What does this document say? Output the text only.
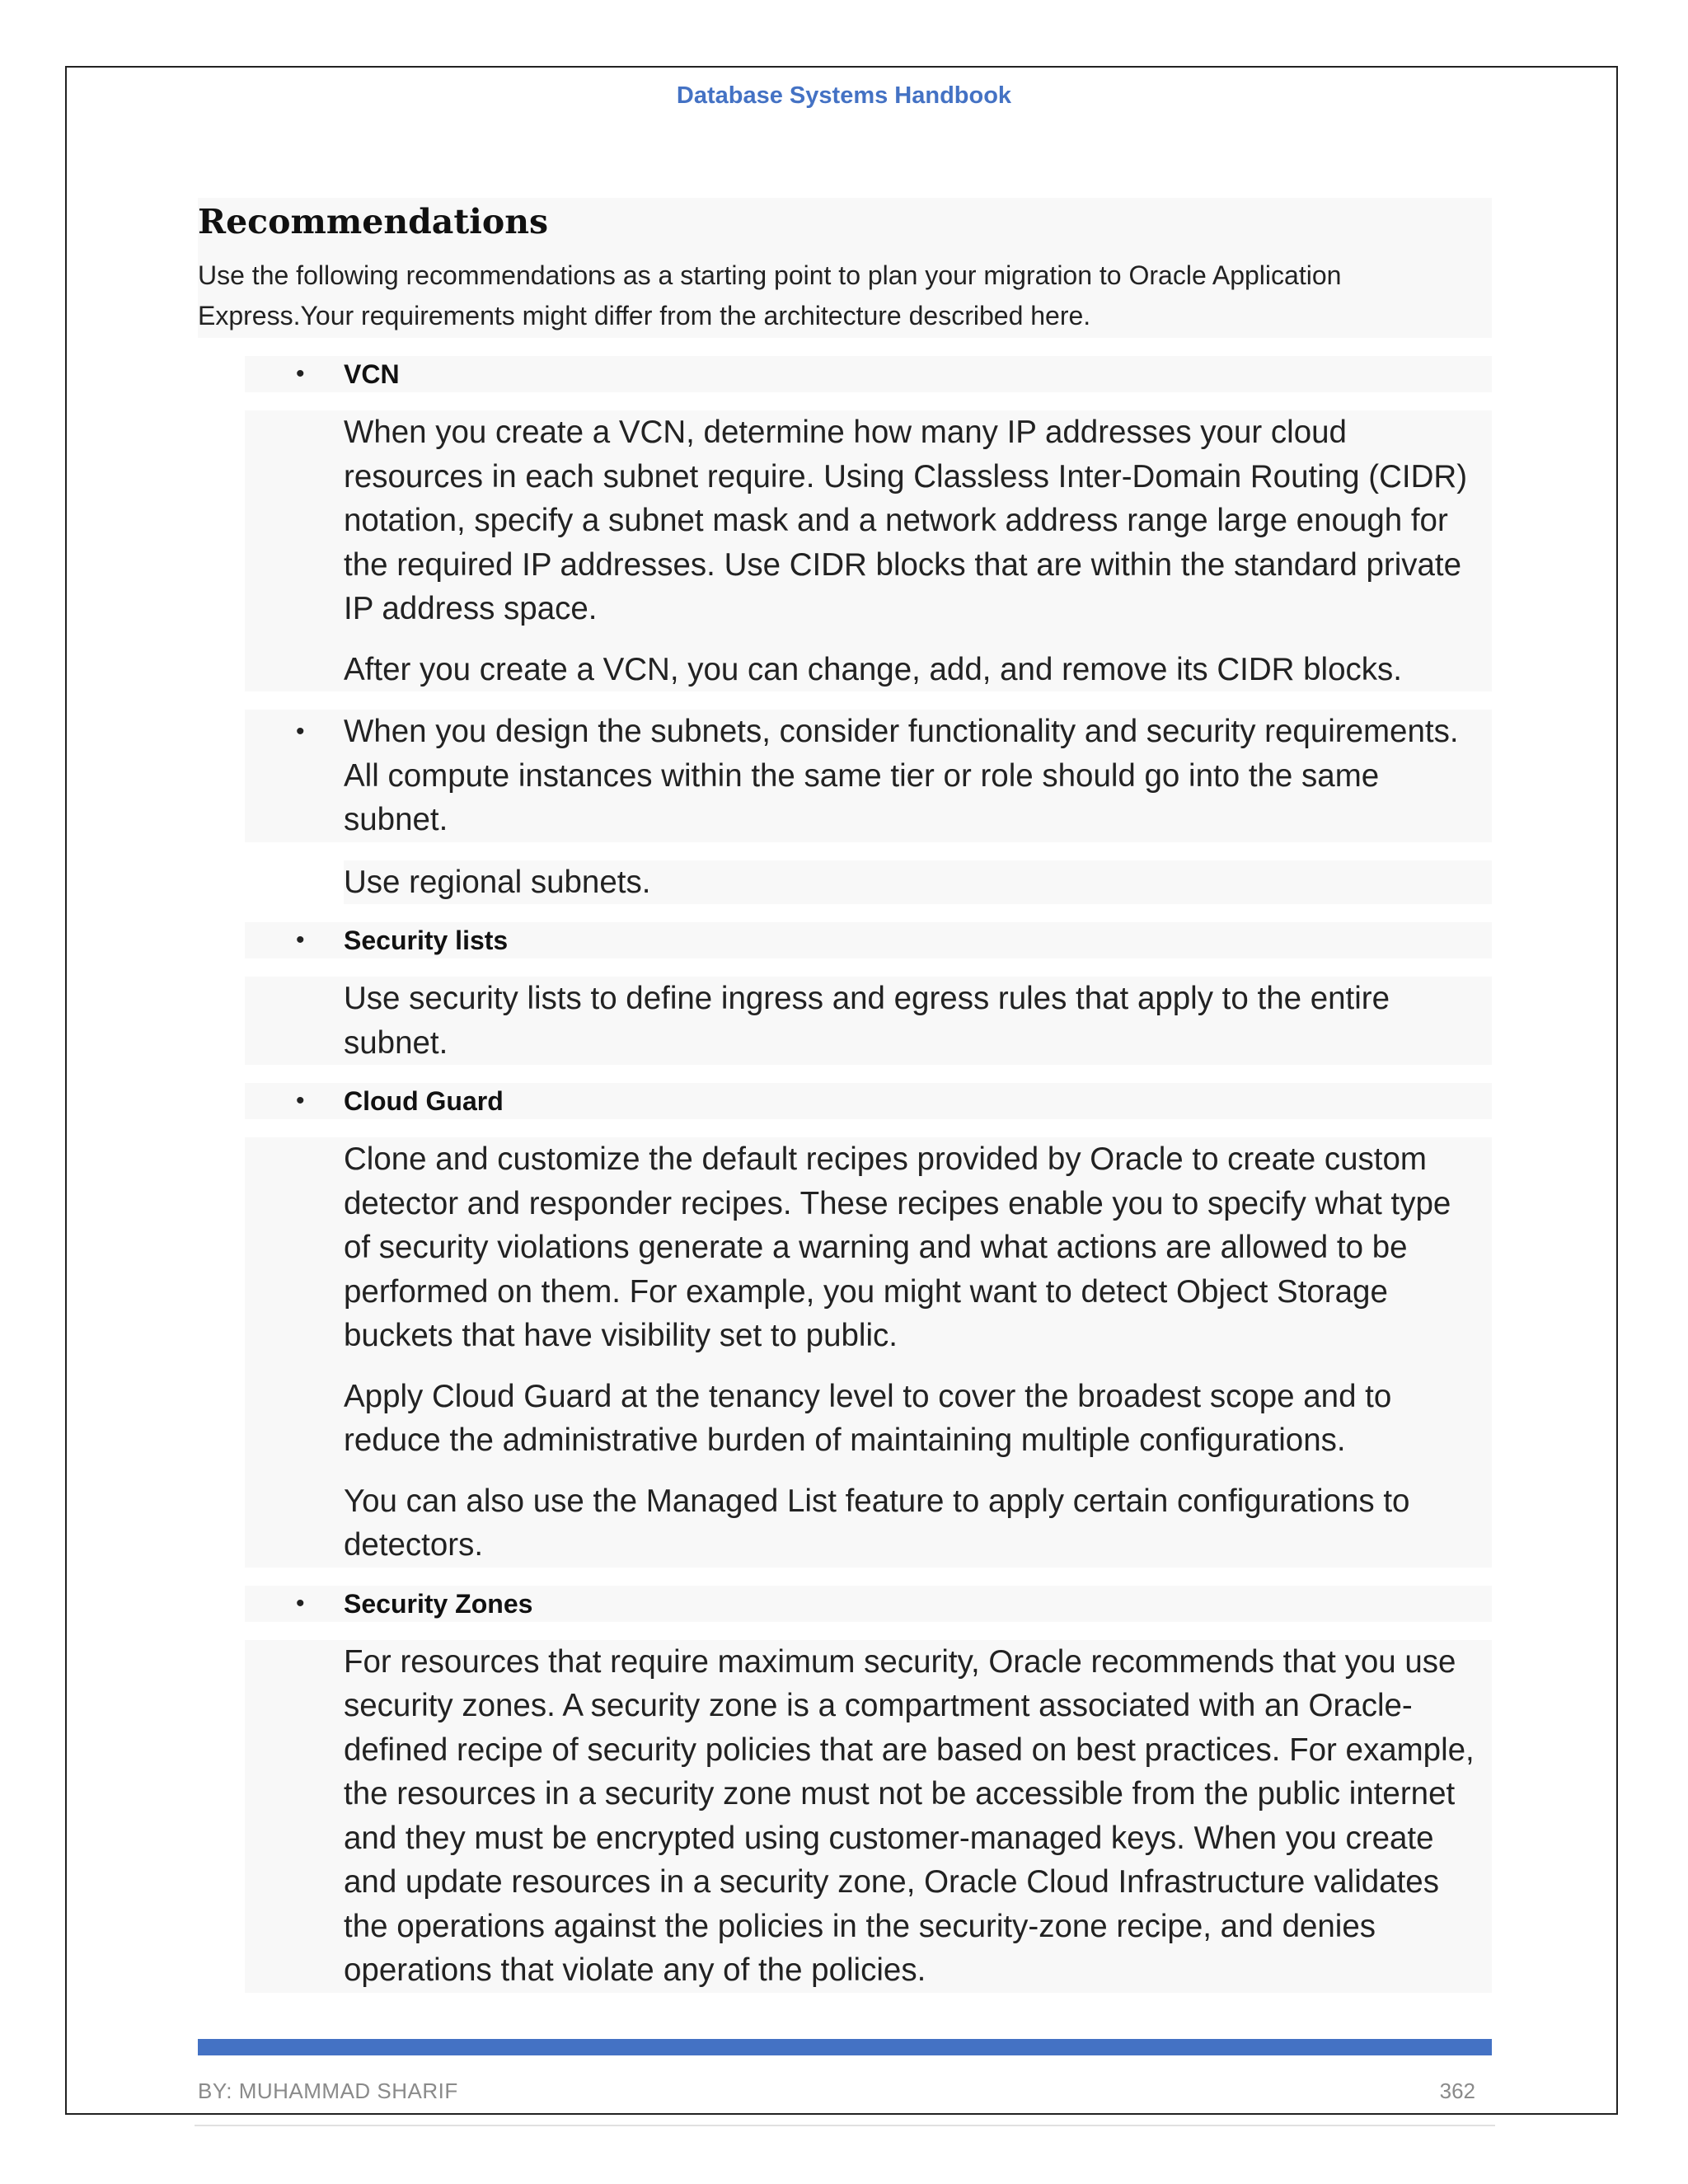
Database Systems Handbook
Recommendations

Use the following recommendations as a starting point to plan your migration to Oracle Application Express.Your requirements might differ from the architecture described here.

• VCN
When you create a VCN, determine how many IP addresses your cloud resources in each subnet require. Using Classless Inter-Domain Routing (CIDR) notation, specify a subnet mask and a network address range large enough for the required IP addresses. Use CIDR blocks that are within the standard private IP address space.
After you create a VCN, you can change, add, and remove its CIDR blocks.
• When you design the subnets, consider functionality and security requirements. All compute instances within the same tier or role should go into the same subnet.
Use regional subnets.
• Security lists
Use security lists to define ingress and egress rules that apply to the entire subnet.
• Cloud Guard
Clone and customize the default recipes provided by Oracle to create custom detector and responder recipes. These recipes enable you to specify what type of security violations generate a warning and what actions are allowed to be performed on them. For example, you might want to detect Object Storage buckets that have visibility set to public.
Apply Cloud Guard at the tenancy level to cover the broadest scope and to reduce the administrative burden of maintaining multiple configurations.
You can also use the Managed List feature to apply certain configurations to detectors.
• Security Zones
For resources that require maximum security, Oracle recommends that you use security zones. A security zone is a compartment associated with an Oracle-defined recipe of security policies that are based on best practices. For example, the resources in a security zone must not be accessible from the public internet and they must be encrypted using customer-managed keys. When you create and update resources in a security zone, Oracle Cloud Infrastructure validates the operations against the policies in the security-zone recipe, and denies operations that violate any of the policies.
BY: MUHAMMAD SHARIF	362
